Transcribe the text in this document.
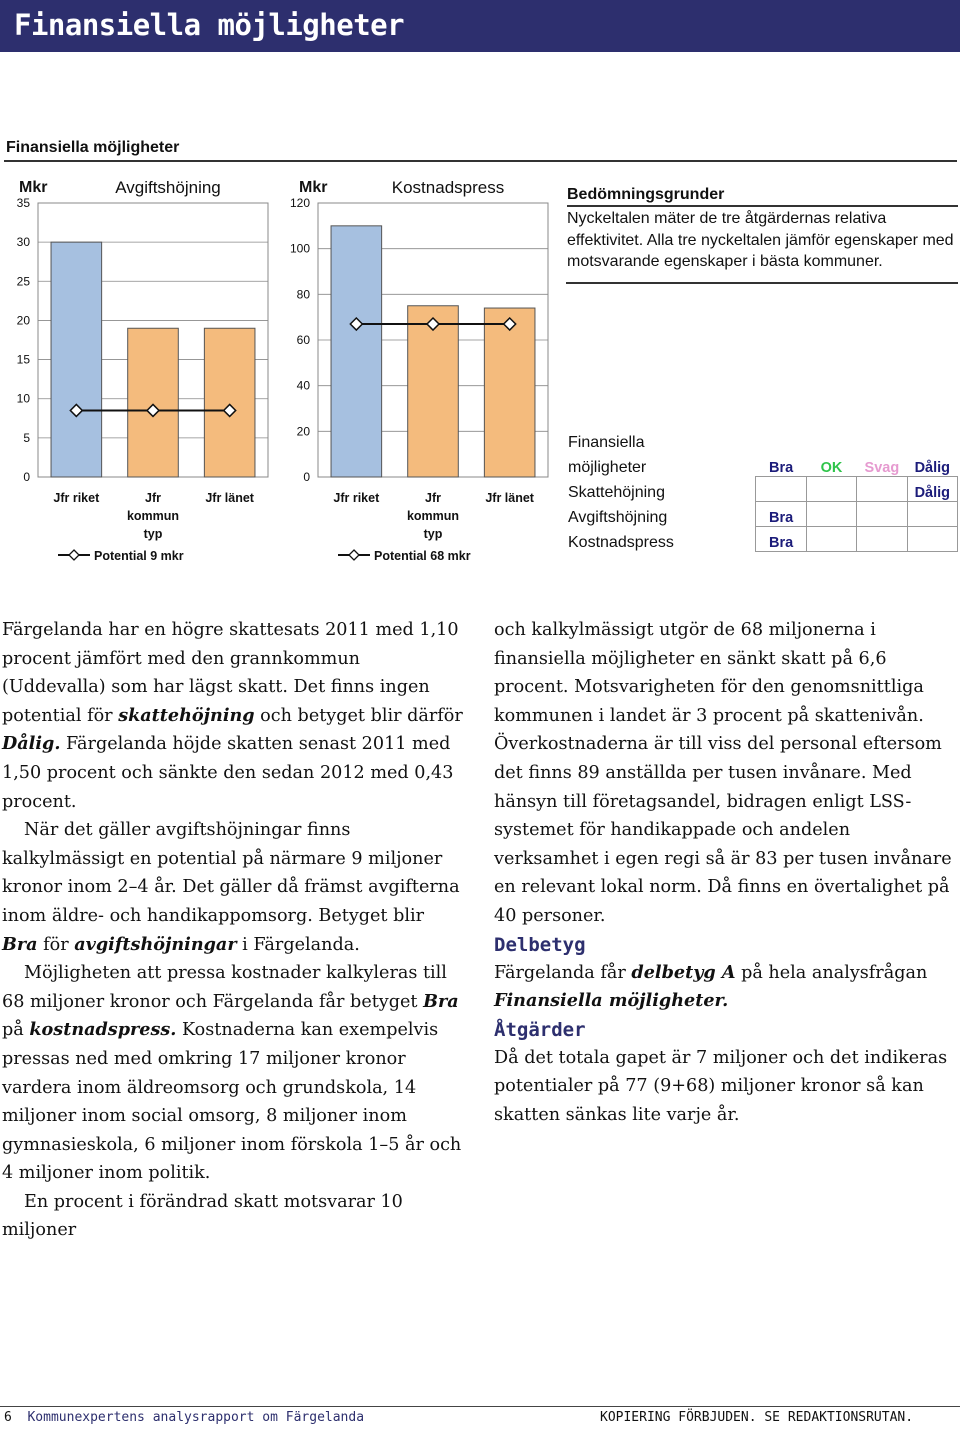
Finansiella möjligheter
Finansiella möjligheter
0
5
10
15
20
25
30
35
Mkr	Avgiftshöjning
Jfr riket	Jfr
kommun
typ
Jfr länet
Potential 9 mkr
0
20
40
60
80
100
120
Mkr	Kostnadspress
Jfr riket	Jfr
kommun
typ
Jfr länet
Potential 68 mkr
Bedömningsgrunder
Nyckeltalen mäter de tre åtgärdernas relativa effektivitet. Alla tre nyckeltalen jämför egenskaper med motsvarande egenskaper i bästa kommuner.
Finansiella				
möjligheter	Bra	OK	Svag	Dålig
Skattehöjning				Dålig
Avgiftshöjning	Bra			
Kostnadspress	Bra			

Färgelanda har en högre skattesats 2011 med 1,10 procent jämfört med den grannkommun (Uddevalla) som har lägst skatt. Det finns ingen potential för skattehöjning och betyget blir därför Dålig. Färgelanda höjde skatten senast 2011 med 1,50 procent och sänkte den sedan 2012 med 0,43 procent.

När det gäller avgiftshöjningar finns kalkylmässigt en potential på närmare 9 miljoner kronor inom 2–4 år. Det gäller då främst avgifterna inom äldre- och handikappomsorg. Betyget blir Bra för avgiftshöjningar i Färgelanda.

Möjligheten att pressa kostnader kalkyleras till 68 miljoner kronor och Färgelanda får betyget Bra på kostnadspress. Kostnaderna kan exempelvis pressas ned med omkring 17 miljoner kronor vardera inom äldreomsorg och grundskola, 14 miljoner inom social omsorg, 8 miljoner inom gymnasieskola, 6 miljoner inom förskola 1–5 år och 4 miljoner inom politik.

En procent i förändrad skatt motsvarar 10 miljoner

och kalkylmässigt utgör de 68 miljonerna i finansiella möjligheter en sänkt skatt på 6,6 procent. Motsvarigheten för den genomsnittliga kommunen i landet är 3 procent på skattenivån. Överkostnaderna är till viss del personal eftersom det finns 89 anställda per tusen invånare. Med hänsyn till företagsandel, bidragen enligt LSS-systemet för handikappade och andelen verksamhet i egen regi så är 83 per tusen invånare en relevant lokal norm. Då finns en övertalighet på 40 personer.

Delbetyg

Färgelanda får delbetyg A på hela analysfrågan Finansiella möjligheter.

Åtgärder

Då det totala gapet är 7 miljoner och det indikeras potentialer på 77 (9+68) miljoner kronor så kan skatten sänkas lite varje år.

6 Kommunexpertens analysrapport om Färgelanda	KOPIERING FÖRBJUDEN. SE REDAKTIONSRUTAN.
